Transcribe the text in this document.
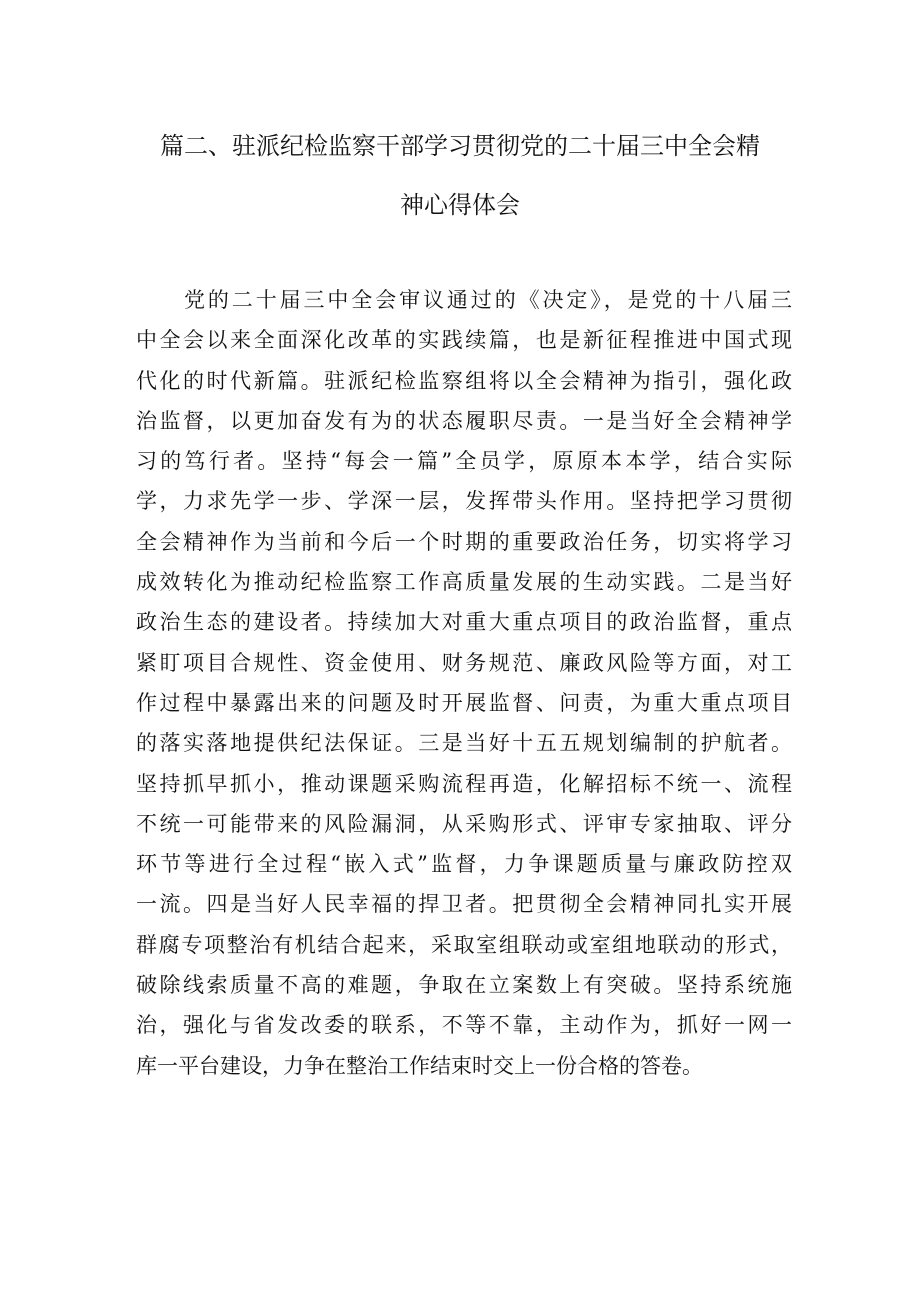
篇二、驻派纪检监察干部学习贯彻党的二十届三中全会精
神心得体会
党的二十届三中全会审议通过的《决定》，是党的十八届三
中全会以来全面深化改革的实践续篇，也是新征程推进中国式现
代化的时代新篇。驻派纪检监察组将以全会精神为指引，强化政
治监督，以更加奋发有为的状态履职尽责。一是当好全会精神学
习的笃行者。坚持“每会一篇”全员学，原原本本学，结合实际
学，力求先学一步、学深一层，发挥带头作用。坚持把学习贯彻
全会精神作为当前和今后一个时期的重要政治任务，切实将学习
成效转化为推动纪检监察工作高质量发展的生动实践。二是当好
政治生态的建设者。持续加大对重大重点项目的政治监督，重点
紧盯项目合规性、资金使用、财务规范、廉政风险等方面，对工
作过程中暴露出来的问题及时开展监督、问责，为重大重点项目
的落实落地提供纪法保证。三是当好十五五规划编制的护航者。
坚持抓早抓小，推动课题采购流程再造，化解招标不统一、流程
不统一可能带来的风险漏洞，从采购形式、评审专家抽取、评分
环节等进行全过程“嵌入式”监督，力争课题质量与廉政防控双
一流。四是当好人民幸福的捍卫者。把贯彻全会精神同扎实开展
群腐专项整治有机结合起来，采取室组联动或室组地联动的形式，
破除线索质量不高的难题，争取在立案数上有突破。坚持系统施
治，强化与省发改委的联系，不等不靠，主动作为，抓好一网一
库一平台建设，力争在整治工作结束时交上一份合格的答卷。
